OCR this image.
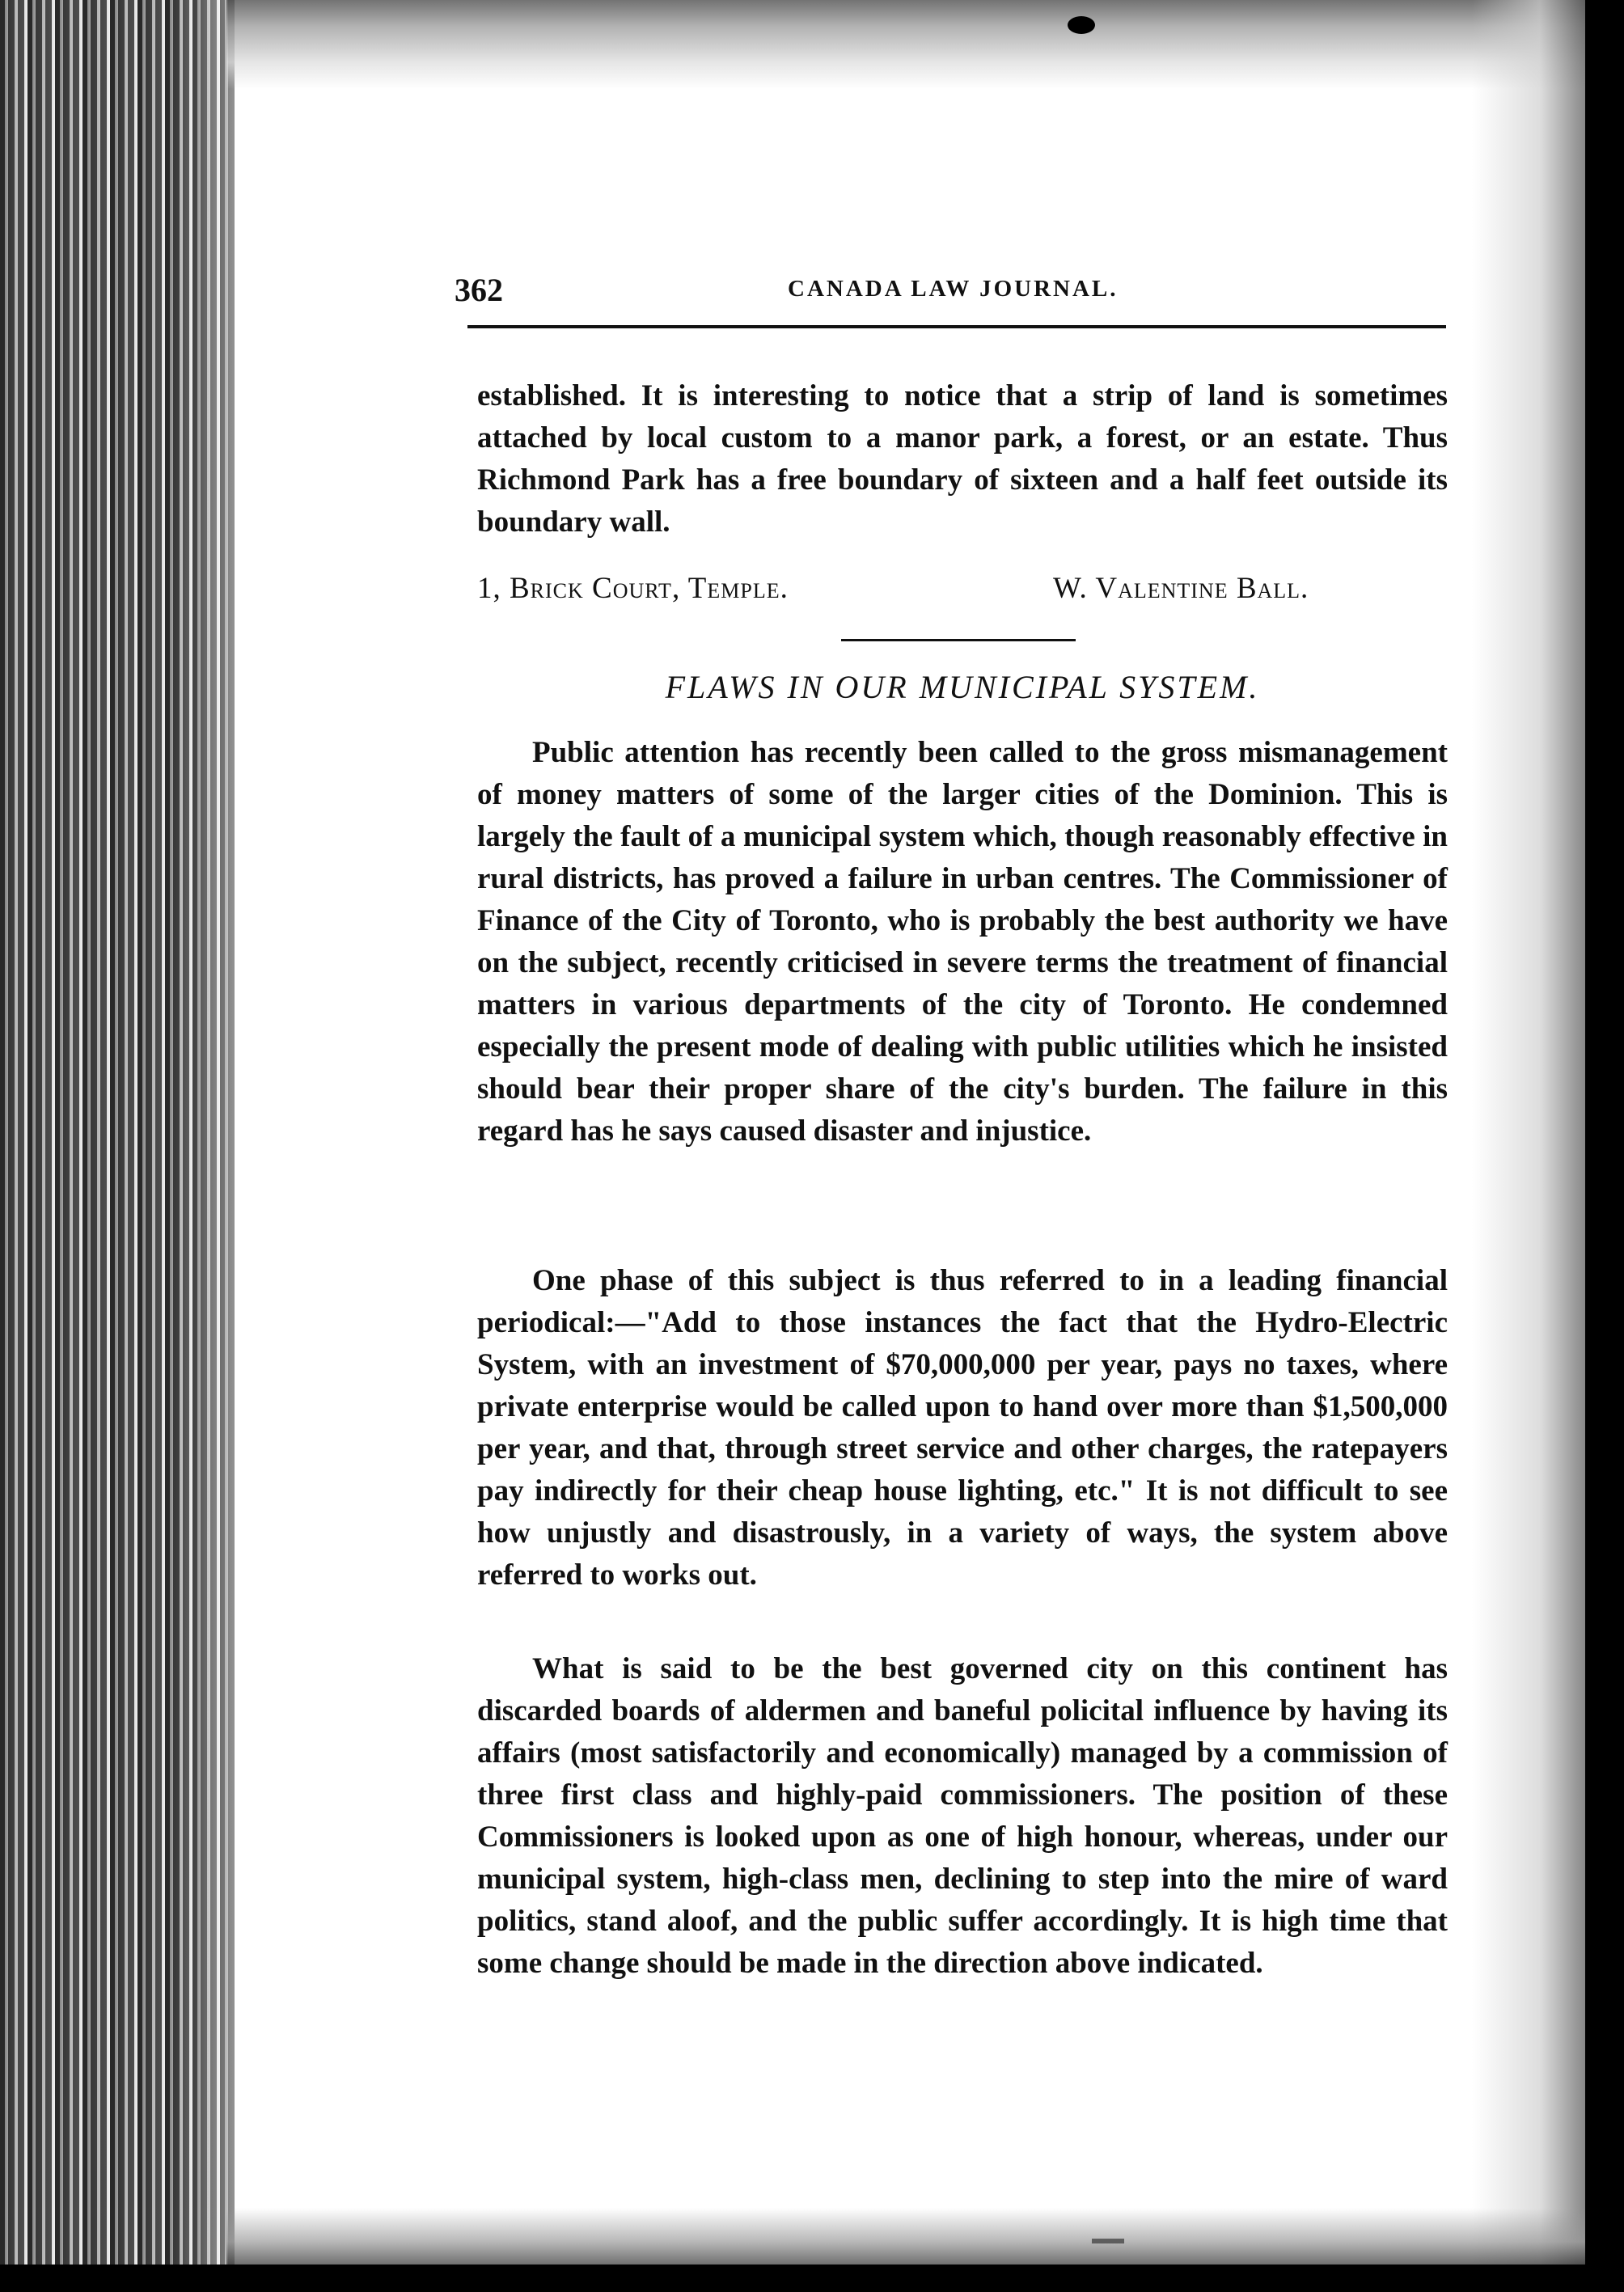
362	CANADA LAW JOURNAL.

established. It is interesting to notice that a strip of land is sometimes attached by local custom to a manor park, a forest, or an estate. Thus Richmond Park has a free boundary of sixteen and a half feet outside its boundary wall.

1, Brick Court, Temple.	W. Valentine Ball.
FLAWS IN OUR MUNICIPAL SYSTEM.

Public attention has recently been called to the gross mismanagement of money matters of some of the larger cities of the Dominion. This is largely the fault of a municipal system which, though reasonably effective in rural districts, has proved a failure in urban centres. The Commissioner of Finance of the City of Toronto, who is probably the best authority we have on the subject, recently criticised in severe terms the treatment of financial matters in various departments of the city of Toronto. He condemned especially the present mode of dealing with public utilities which he insisted should bear their proper share of the city's burden. The failure in this regard has he says caused disaster and injustice.

One phase of this subject is thus referred to in a leading financial periodical:—"Add to those instances the fact that the Hydro-Electric System, with an investment of $70,000,000 per year, pays no taxes, where private enterprise would be called upon to hand over more than $1,500,000 per year, and that, through street service and other charges, the ratepayers pay indirectly for their cheap house lighting, etc." It is not difficult to see how unjustly and disastrously, in a variety of ways, the system above referred to works out.

What is said to be the best governed city on this continent has discarded boards of aldermen and baneful policital influence by having its affairs (most satisfactorily and economically) managed by a commission of three first class and highly-paid commissioners. The position of these Commissioners is looked upon as one of high honour, whereas, under our municipal system, high-class men, declining to step into the mire of ward politics, stand aloof, and the public suffer accordingly. It is high time that some change should be made in the direction above indicated.
